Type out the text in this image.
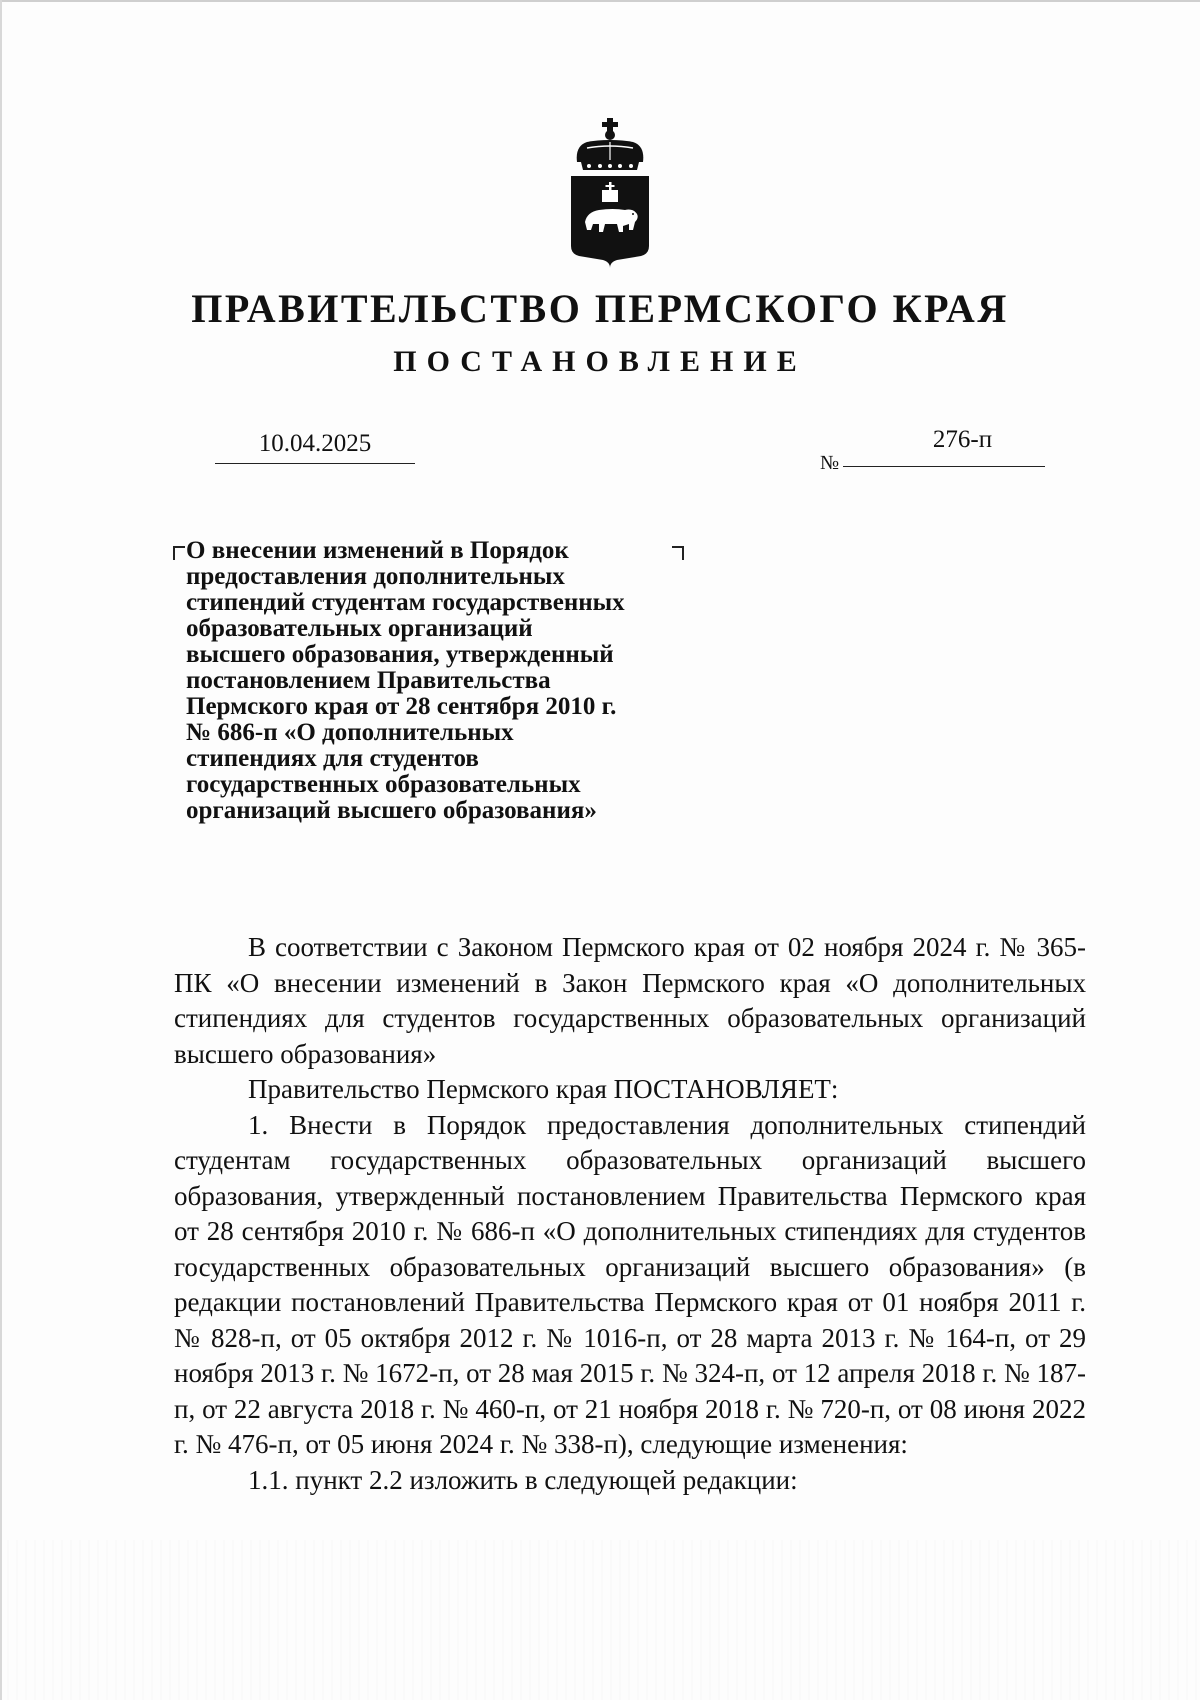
ПРАВИТЕЛЬСТВО ПЕРМСКОГО КРАЯ
ПОСТАНОВЛЕНИЕ
10.04.2025	276-п
№
О внесении изменений в Порядок
предоставления дополнительных
стипендий студентам государственных
образовательных организаций
высшего образования, утвержденный
постановлением Правительства
Пермского края от 28 сентября 2010 г.
№ 686-п «О дополнительных
стипендиях для студентов
государственных образовательных
организаций высшего образования»

В соответствии с Законом Пермского края от 02 ноября 2024 г. № 365-ПК «О внесении изменений в Закон Пермского края «О дополнительных стипендиях для студентов государственных образовательных организаций высшего образования»

Правительство Пермского края ПОСТАНОВЛЯЕТ:

1. Внести в Порядок предоставления дополнительных стипендий студентам государственных образовательных организаций высшего образования, утвержденный постановлением Правительства Пермского края от 28 сентября 2010 г. № 686-п «О дополнительных стипендиях для студентов государственных образовательных организаций высшего образования» (в редакции постановлений Правительства Пермского края от 01 ноября 2011 г. № 828-п, от 05 октября 2012 г. № 1016-п, от 28 марта 2013 г. № 164-п, от 29 ноября 2013 г. № 1672-п, от 28 мая 2015 г. № 324-п, от 12 апреля 2018 г. № 187-п, от 22 августа 2018 г. № 460-п, от 21 ноября 2018 г. № 720-п, от 08 июня 2022 г. № 476-п, от 05 июня 2024 г. № 338-п), следующие изменения:

1.1. пункт 2.2 изложить в следующей редакции:
